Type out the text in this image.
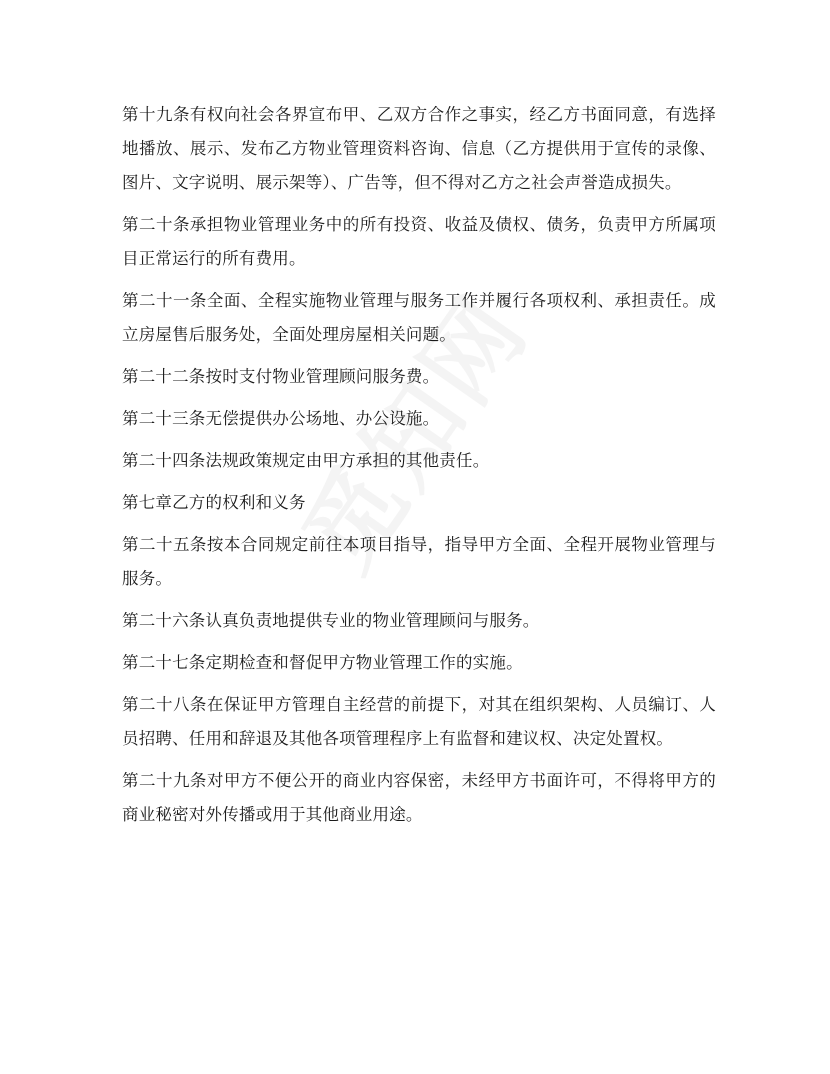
第十九条有权向社会各界宣布甲、乙双方合作之事实，经乙方书面同意，有选择地播放、展示、发布乙方物业管理资料咨询、信息（乙方提供用于宣传的录像、图片、文字说明、展示架等）、广告等，但不得对乙方之社会声誉造成损失。

第二十条承担物业管理业务中的所有投资、收益及债权、债务，负责甲方所属项目正常运行的所有费用。

第二十一条全面、全程实施物业管理与服务工作并履行各项权利、承担责任。成立房屋售后服务处，全面处理房屋相关问题。

第二十二条按时支付物业管理顾问服务费。

第二十三条无偿提供办公场地、办公设施。

第二十四条法规政策规定由甲方承担的其他责任。

第七章乙方的权利和义务

第二十五条按本合同规定前往本项目指导，指导甲方全面、全程开展物业管理与服务。

第二十六条认真负责地提供专业的物业管理顾问与服务。

第二十七条定期检查和督促甲方物业管理工作的实施。

第二十八条在保证甲方管理自主经营的前提下，对其在组织架构、人员编订、人员招聘、任用和辞退及其他各项管理程序上有监督和建议权、决定处置权。

第二十九条对甲方不便公开的商业内容保密，未经甲方书面许可，不得将甲方的商业秘密对外传播或用于其他商业用途。
